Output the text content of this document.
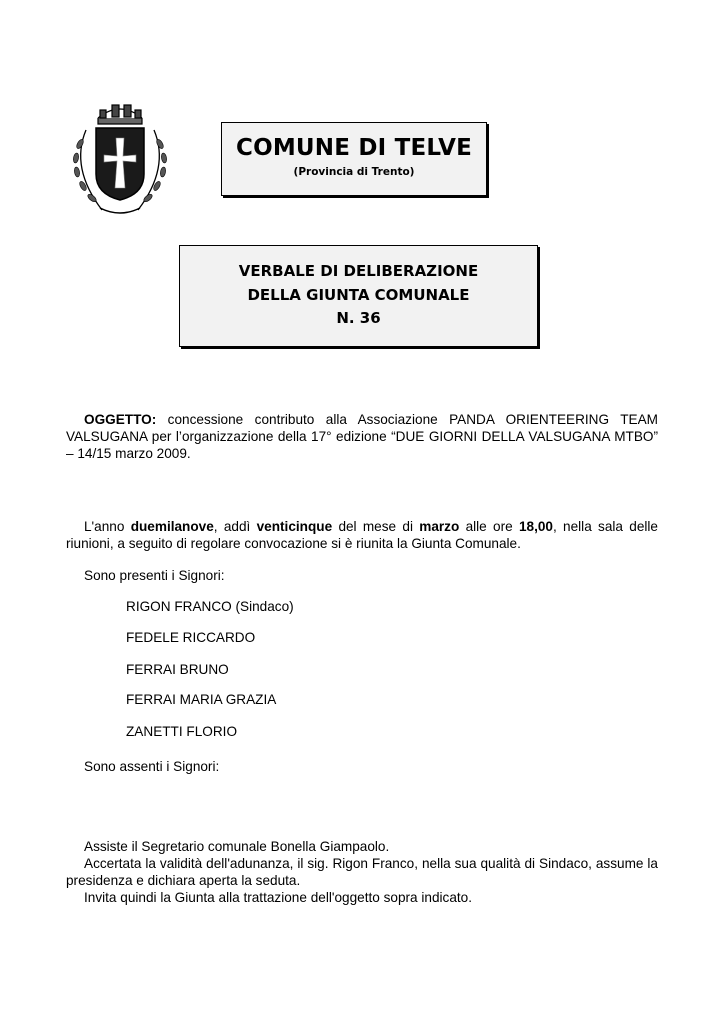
COMUNE DI TELVE
(Provincia di Trento)
VERBALE DI DELIBERAZIONE
DELLA GIUNTA COMUNALE
N. 36
OGGETTO: concessione contributo alla Associazione PANDA ORIENTEERING TEAM VALSUGANA per l’organizzazione della 17° edizione “DUE GIORNI DELLA VALSUGANA MTBO” – 14/15 marzo 2009.
L'anno duemilanove, addì venticinque del mese di marzo alle ore 18,00, nella sala delle riunioni, a seguito di regolare convocazione si è riunita la Giunta Comunale.
Sono presenti i Signori:
RIGON FRANCO (Sindaco)
FEDELE RICCARDO
FERRAI BRUNO
FERRAI MARIA GRAZIA
ZANETTI FLORIO
Sono assenti i Signori:
Assiste il Segretario comunale Bonella Giampaolo.
Accertata la validità dell'adunanza, il sig. Rigon Franco, nella sua qualità di Sindaco, assume la presidenza e dichiara aperta la seduta.
Invita quindi la Giunta alla trattazione dell'oggetto sopra indicato.
